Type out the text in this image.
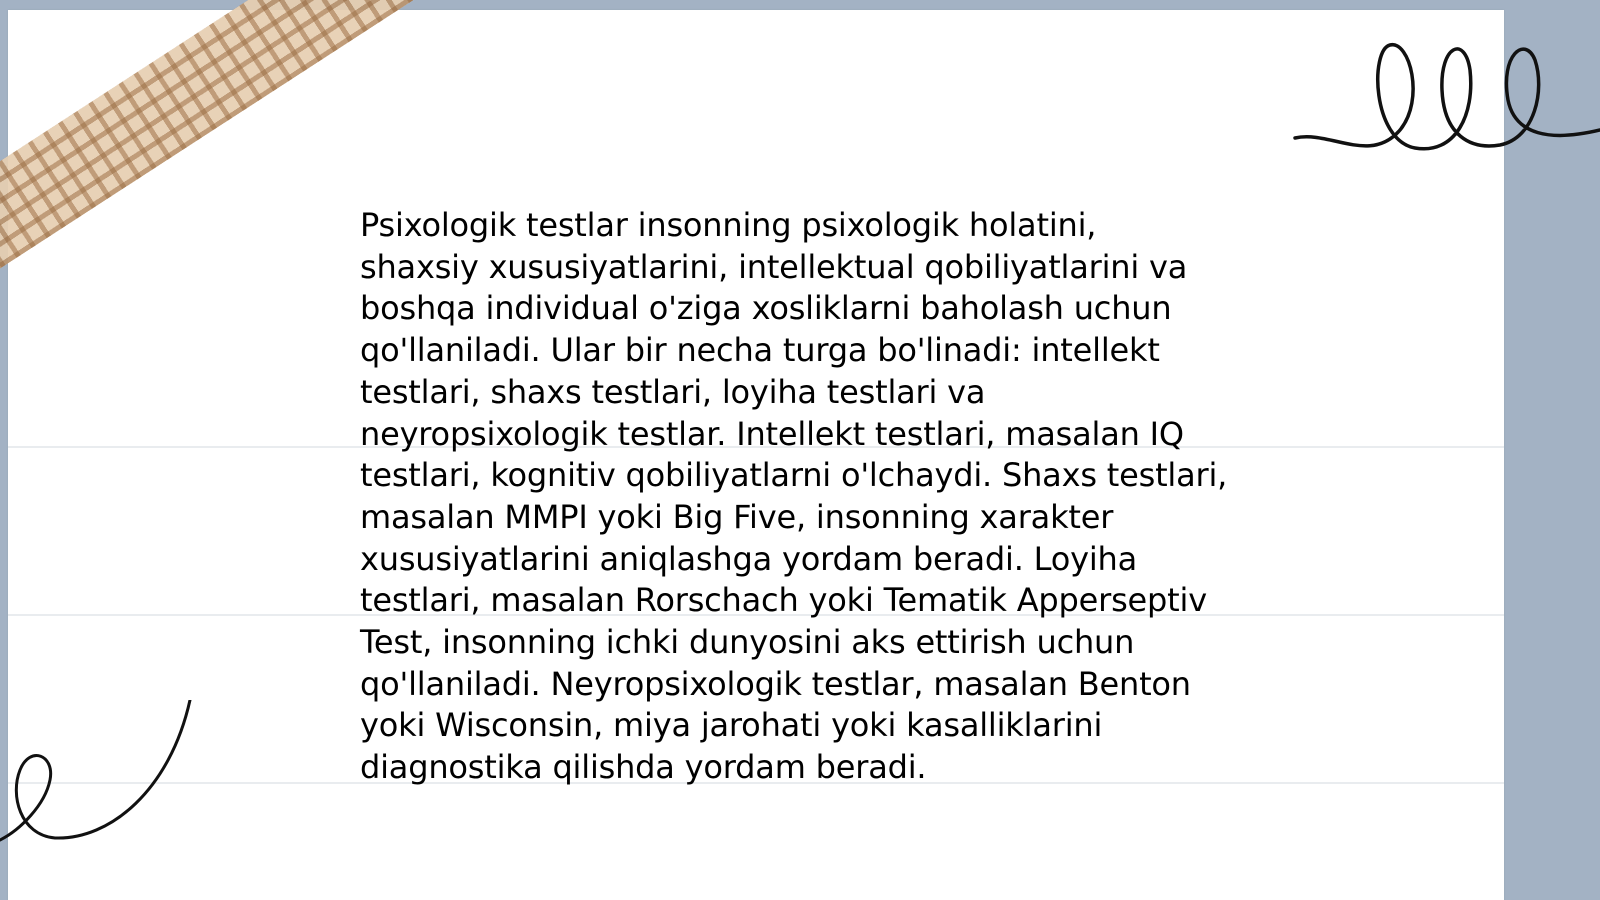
Psixologik testlar insonning psixologik holatini,
shaxsiy xususiyatlarini, intellektual qobiliyatlarini va
boshqa individual o'ziga xosliklarni baholash uchun
qo'llaniladi. Ular bir necha turga bo'linadi: intellekt
testlari, shaxs testlari, loyiha testlari va
neyropsixologik testlar. Intellekt testlari, masalan IQ
testlari, kognitiv qobiliyatlarni o'lchaydi. Shaxs testlari,
masalan MMPI yoki Big Five, insonning xarakter
xususiyatlarini aniqlashga yordam beradi. Loyiha
testlari, masalan Rorschach yoki Tematik Apperseptiv
Test, insonning ichki dunyosini aks ettirish uchun
qo'llaniladi. Neyropsixologik testlar, masalan Benton
yoki Wisconsin, miya jarohati yoki kasalliklarini
diagnostika qilishda yordam beradi.
